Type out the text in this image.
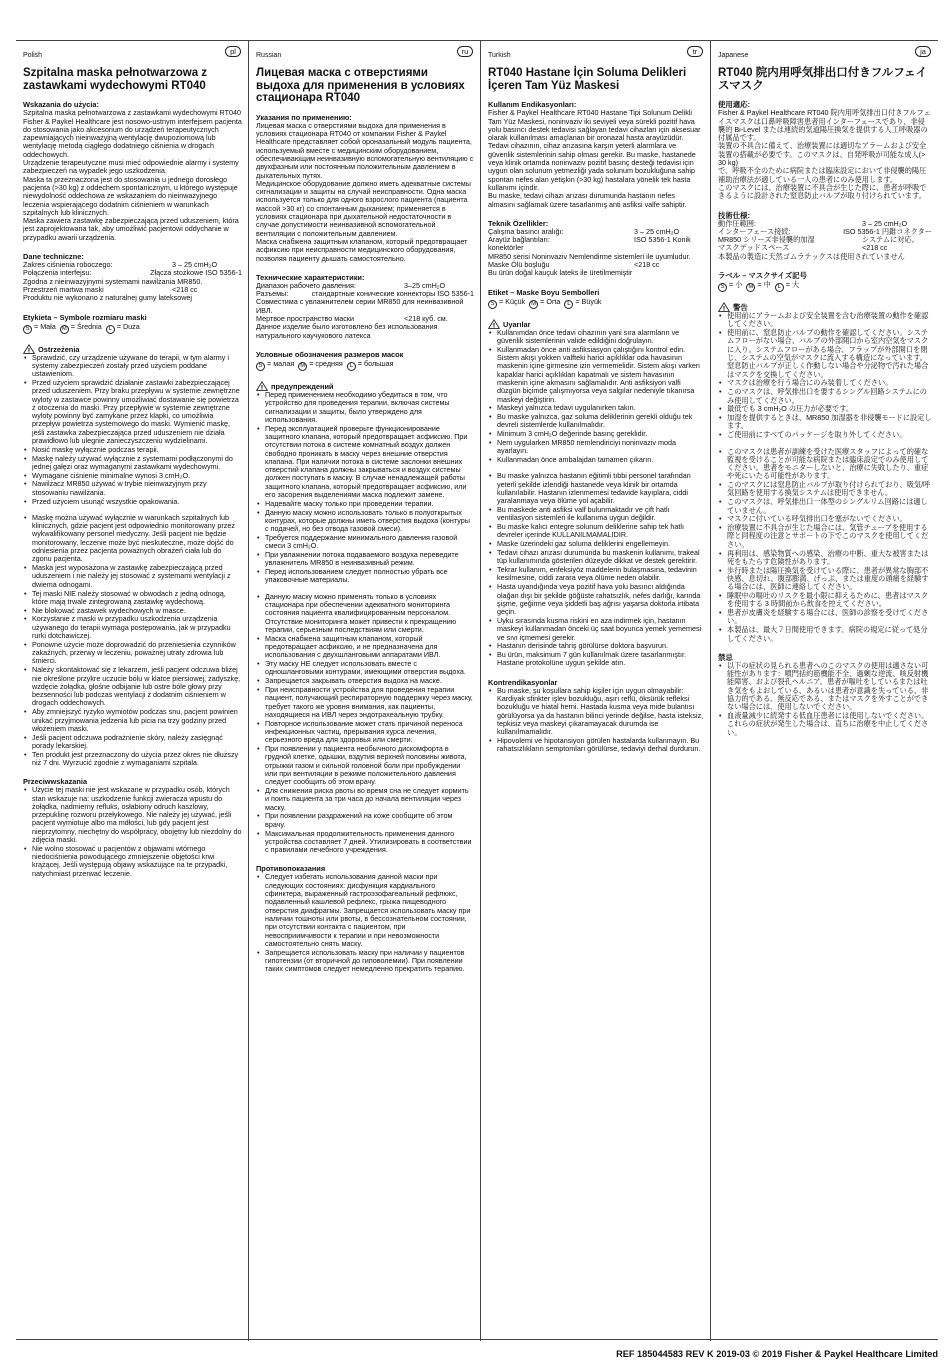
pl
Polish
Szpitalna maska pełnotwarzowa z zastawkami wydechowymi RT040
Wskazania do użycia:

Szpitalna maska pełnotwarzowa z zastawkami wydechowymi RT040 Fisher & Paykel Healthcare jest nosowo-ustnym interfejsem pacjenta do stosowania jako akcesorium do urządzeń terapeutycznych zapewniających nieinwazyjną wentylację dwupoziomową lub wentylację metodą ciągłego dodatniego ciśnienia w drogach oddechowych.
Urządzenie terapeutyczne musi mieć odpowiednie alarmy i systemy zabezpieczeń na wypadek jego uszkodzenia.
Maska ta przeznaczona jest do stosowania u jednego dorosłego pacjenta (>30 kg) z oddechem spontanicznym, u którego występuje niewydolność oddechowa ze wskazaniem do nieinwazyjnego leczenia wspierającego dodatnim ciśnieniem w warunkach szpitalnych lub klinicznych.
Maska zawiera zastawkę zabezpieczającą przed uduszeniem, która jest zaprojektowana tak, aby umożliwić pacjentowi oddychanie w przypadku awarii urządzenia.

Dane techniczne:
Zakres ciśnienia roboczego:	3 – 25 cmH₂O
Połączenia interfejsu:	Złącza stożkowe ISO 5356-1
Zgodna z nieinwazyjnymi systemami nawilżania MR850.
Przestrzeń martwa maski	<218 cc
Produktu nie wykonano z naturalnej gumy lateksowej
Etykieta – Symbole rozmiaru maski
S = Mała M = Średnia L = Duża
! Ostrzeżenia
• Sprawdzić, czy urządzenie używane do terapii, w tym alarmy i systemy zabezpieczeń zostały przed użyciem poddane ustawieniom.
• Przed użyciem sprawdzić działanie zastawki zabezpieczającej przed uduszeniem. Przy braku przepływu w systemie zewnętrzne wyloty w zastawce powinny umożliwiać dostawanie się powietrza z otoczenia do maski. Przy przepływie w systemie zewnętrzne wyloty powinny być zamykane przez klapki, co umożliwia przepływ powietrza systemowego do maski. Wymienić maskę, jeśli zastawka zabezpieczająca przed uduszeniem nie działa prawidłowo lub ulegnie zanieczyszczeniu wydzielinami.
• Nosić maskę wyłącznie podczas terapii.
• Maskę należy używać wyłącznie z systemami podłączonymi do jednej gałęzi oraz wymaganymi zastawkami wydechowymi.
• Wymagane ciśnienie minimalne wynosi 3 cmH₂O.
• Nawilżacz MR850 używać w trybie nieinwazyjnym przy stosowaniu nawilżania.
• Przed użyciem usunąć wszystkie opakowania.
• Maskę można używać wyłącznie w warunkach szpitalnych lub klinicznych, gdzie pacjent jest odpowiednio monitorowany przez wykwalifikowany personel medyczny. Jeśli pacjent nie będzie monitorowany, leczenie może być nieskuteczne, może dojść do odniesienia przez pacjenta poważnych obrażeń ciała lub do zgonu pacjenta.
• Maska jest wyposażona w zastawkę zabezpieczającą przed uduszeniem i nie należy jej stosować z systemami wentylacji z dwiema odnogami.
• Tej maski NIE należy stosować w obwodach z jedną odnogą, które mają trwale zintegrowaną zastawkę wydechową.
• Nie blokować zastawek wydechowych w masce.
• Korzystanie z maski w przypadku uszkodzenia urządzenia używanego do terapii wymaga postępowania, jak w przypadku rurki dotchawiczej.
• Ponowne użycie może doprowadzić do przeniesienia czynników zakaźnych, przerwy w leczeniu, poważnej utraty zdrowia lub śmierci.
• Należy skontaktować się z lekarzem, jeśli pacjent odczuwa bliżej nie określone przykre uczucie bólu w klatce piersiowej, zadyszkę, wzdęcie żołądka, głośne odbijanie lub ostre bóle głowy przy bezsenności lub podczas wentylacji z dodatnim ciśnieniem w drogach oddechowych.
• Aby zmniejszyć ryzyko wymiotów podczas snu, pacjent powinien unikać przyjmowania jedzenia lub picia na trzy godziny przed włożeniem maski.
• Jeśli pacjent odczuwa podrażnienie skóry, należy zasięgnąć porady lekarskiej.
• Ten produkt jest przeznaczony do użycia przez okres nie dłuższy niż 7 dni. Wyrzucić zgodnie z wymaganiami szpitala.
Przeciwwskazania
• Użycie tej maski nie jest wskazane w przypadku osób, których stan wskazuje na: uszkodzenie funkcji zwieracza wpustu do żołądka, nadmierny refluks, osłabiony odruch kaszlowy, przepuklinę rozworu przełykowego. Nie należy jej używać, jeśli pacjent wymiotuje albo ma mdłości, lub gdy pacjent jest nieprzytomny, niechętny do współpracy, obojętny lub niezdolny do zdjęcia maski.
• Nie wolno stosować u pacjentów z objawami wtórnego niedociśnienia powodującego zmniejszenie objętości krwi krążącej. Jeśli występują objawy wskazujące na te przypadki, natychmiast przerwać leczenie.
ru
Russian
Лицевая маска с отверстиями выдоха для применения в условиях стационара RT040
Указания по применению:

Лицевая маска с отверстиями выдоха для применения в условиях стационара RT040 от компании Fisher & Paykel Healthcare представляет собой ороназальный модуль пациента, используемый вместе с медицинским оборудованием, обеспечивающим неинвазивную вспомогательную вентиляцию с двухфазным или постоянным положительным давлением в дыхательных путях.
Медицинское оборудование должно иметь адекватные системы сигнализации и защиты на случай неисправности. Одна маска используется только для одного взрослого пациента (пациента массой >30 кг) со спонтанным дыханием; применяется в условиях стационара при дыхательной недостаточности в случае допустимости неинвазивной вспомогательной вентиляции с положительным давлением.
Маска снабжена защитным клапаном, который предотвращает асфиксию при неисправности медицинского оборудования, позволяя пациенту дышать самостоятельно.

Технические характеристики:
Диапазон рабочего давления:	3–25 cmH₂O
Разъемы:	стандартные конические коннекторы ISO 5356-1
Совместима с увлажнителем серии MR850 для неинвазивной ИВЛ.
Мертвое пространство маски	<218 куб. см.
Данное изделие было изготовлено без использования натурального каучукового латекса
Условные обозначения размеров масок
S = малая M = средняя L = большая
! предупреждений
• Перед применением необходимо убедиться в том, что устройство для проведения терапии, включая системы сигнализации и защиты, было утверждено для использования.
• Перед эксплуатацией проверьте функционирование защитного клапана, который предотвращает асфиксию. При отсутствии потока в системе комнатный воздух должен свободно проникать в маску через внешние отверстия клапана. При наличии потока в системе заслонки внешних отверстий клапана должны закрываться и воздух системы должен поступать в маску. В случае ненадлежащей работы защитного клапана, который предотвращает асфиксию, или его засорения выделениями маска подлежит замене.
• Надевайте маску только при проведении терапии.
• Данную маску можно использовать только в полуоткрытых контурах, которые должны иметь отверстия выдоха (контуры с подачей, но без отвода газовой смеси).
• Требуется поддержание минимального давления газовой смеси 3 cmH₂O.
• При увлажнении потока подаваемого воздуха переведите увлажнитель MR850 в неинвазивный режим.
• Перед использованием следует полностью убрать все упаковочные материалы.
• Данную маску можно применять только в условиях стационара при обеспечении адекватного мониторинга состояния пациента квалифицированным персоналом. Отсутствие мониторинга может привести к прекращению терапии, серьезным последствиям или смерти.
• Маска снабжена защитным клапаном, который предотвращает асфиксию, и не предназначена для использования с двухшланговыми аппаратами ИВЛ.
• Эту маску НЕ следует использовать вместе с одношланговыми контурами, имеющими отверстия выдоха.
• Запрещается закрывать отверстия выдоха на маске.
• При неисправности устройства для проведения терапии пациент, получающий респираторную поддержку через маску, требует такого же уровня внимания, как пациенты, находящиеся на ИВЛ через эндотрахеальную трубку.
• Повторное использование может стать причиной переноса инфекционных частиц, прерывания курса лечения, серьезного вреда для здоровья или смерти.
• При появлении у пациента необычного дискомфорта в грудной клетке, одышки, вздутия верхней половины живота, отрыжки газом и сильной головной боли при пробуждении или при вентиляции в режиме положительного давления следует сообщить об этом врачу.
• Для снижения риска рвоты во время сна не следует кормить и поить пациента за три часа до начала вентиляции через маску.
• При появлении раздражений на коже сообщите об этом врачу.
• Максимальная продолжительность применения данного устройства составляет 7 дней. Утилизировать в соответствии с правилами лечебного учреждения.
Противопоказания
• Следует избегать использования данной маски при следующих состояниях: дисфункция кардиального сфинктера, выраженный гастроэзофагеальный рефлюкс, подавленный кашлевой рефлекс, грыжа пищеводного отверстия диафрагмы. Запрещается использовать маску при наличии тошноты или рвоты, в бессознательном состоянии, при отсутствии контакта с пациентом, при невосприимчивости к терапии и при невозможности самостоятельно снять маску.
• Запрещается использовать маску при наличии у пациентов гипотензии (от вторичной до гиповолемии). При появлении таких симптомов следует немедленно прекратить терапию.
tr
Turkish
RT040 Hastane İçin Soluma Delikleri İçeren Tam Yüz Maskesi
Kullanım Endikasyonları:

Fisher & Paykel Healthcare RT040 Hastane Tipi Solunum Delikli Tam Yüz Maskesi, noninvaziv iki seviyeli veya sürekli pozitif hava yolu basıncı destek tedavisi sağlayan tedavi cihazları için aksesuar olarak kullanılması amaçlanan bir oronazal hasta arayüzüdür.
Tedavi cihazının, cihaz arızasına karşın yeterli alarmlara ve güvenlik sistemlerinin sahip olması gerekir. Bu maske, hastanede veya klinik ortamda noninvaziv pozitif basınç desteği tedavisi için uygun olan solunum yetmezliği yada solunum bozukluğuna sahip spontan nefes alan yetişkin (>30 kg) hastalara yönelik tek hasta kullanımı içindir.
Bu maske, tedavi cihazı arızası durumunda hastanın nefes almasını sağlamak üzere tasarlanmış anti asfiksi valfe sahiptir.

Teknik Özellikler:
Çalışma basıncı aralığı:	3 – 25 cmH₂O
Arayüz bağlantıları:	ISO 5356-1 Konik
konektörler
MR850 serisi Noninvaziv Nemlendirme sistemleri ile uyumludur.
Maske Ölü boşluğu	<218 cc
Bu ürün doğal kauçuk lateks ile üretilmemiştir
Etiket – Maske Boyu Sembolleri
S = Küçük M = Orta L = Büyük
! Uyarılar
• Kullanımdan önce tedavi cihazının yani sıra alarmların ve güvenlik sistemlerinin valide edildiğini doğrulayın.
• Kullanmadan önce anti asfiksiasyon çalıştığını kontrol edin. Sistem akışı yokken valfteki harici açıklıklar oda havasının maskenin içine girmesine izin vermemelidir. Sistem akışı varken kapaklar harici açıklıkları kapatmalı ve sistem havasının maskenin içine akmasını sağlamalıdır. Anti asfiksiyon valfi düzgün biçimde çalışmıyorsa veya salgılar nedeniyle tıkanırsa maskeyi değiştirin.
• Maskeyi yalnızca tedavi uygulanırken takın.
• Bu maske yalnızca, gaz soluma deliklerinin gerekli olduğu tek devreli sistemlerde kullanılmalıdır.
• Minimum 3 cmH₂O değerinde basınç gereklidir.
• Nem uygularken MR850 nemlendiriciyi noninvaziv moda ayarlayın.
• Kullanmadan önce ambalajdan tamamen çıkarın.
• Bu maske yalnızca hastanın eğitimli tıbbi personel tarafından yeterli şekilde izlendiği hastanede veya klinik bir ortamda kullanılabilir. Hastanın izlenmemesi tedavide kayıplara, ciddi yaralanmaya veya ölüme yol açabilir.
• Bu maskede anti asfiksi valf bulunmaktadır ve çift hatlı ventilasyon sistemleri ile kullanıma uygun değildir.
• Bu maske kalıcı entegre solunum deliklerine sahip tek hatlı devreler içerinde KULLANILMAMALIDIR.
• Maske üzerindeki gaz soluma deliklerini engellemeyin.
• Tedavi cihazı arızası durumunda bu maskenin kullanımı, trakeal tüp kullanımında gösterilen düzeyde dikkat ve destek gerektirir.
• Tekrar kullanım, enfeksiyöz maddelerin bulaşmasına, tedavinin kesilmesine, ciddi zarara veya ölüme neden olabilir.
• Hasta uyandığında veya pozitif hava yolu basıncı aldığında olağan dışı bir şekilde göğüste rahatsızlık, nefes darlığı, karında şişme, geğirme veya şiddetli baş ağrısı yaşarsa doktorla irtibata geçin.
• Uyku sırasında kusma riskini en aza indirmek için, hastanın maskeyi kullanmadan önceki üç saat boyunca yemek yememesi ve sıvı içmemesi gerekir.
• Hastanın derisinde tahriş görülürse doktora başvurun.
• Bu ürün, maksimum 7 gün kullanılmak üzere tasarlanmıştır. Hastane protokolüne uygun şekilde atın.
Kontrendikasyonlar
• Bu maske, şu koşullara sahip kişiler için uygun olmayabilir: Kardiyak sfinkter işlev bozukluğu, aşırı reflü, öksürük refleksi bozukluğu ve hiatal herni. Hastada kusma veya mide bulantısı görülüyorsa ya da hastanın bilinci yerinde değilse, hasta isteksiz, tepkisiz veya maskeyi çıkaramayacak durumda ise kullanılmamalıdır.
• Hipovolemi ve hipotansiyon görülen hastalarda kullanmayın. Bu rahatsızlıkların semptomları görülürse, tedaviyi derhal durdurun.
ja
Japanese
RT040 院内用呼気排出口付きフルフェイスマスク
使用適応:

Fisher & Paykel Healthcare RT040 院内用呼気排出口付きフルフェイスマスクは口鼻呼吸障害患者用インターフェースであり、非侵襲的 Bi-Level または連続的気道陽圧換気を提供する人工呼吸器の付属品です。
装置の不具合に備えて、治療装置には適切なアラームおよび安全装置の搭載が必要です。このマスクは、自発呼吸が可能な成人(> 30 kg)
で、呼吸不全のために病院または臨床設定において非侵襲的陽圧補助治療法が適している一人の患者にのみ使用します。
このマスクには、治療装置に不具合が生じた際に、患者が呼吸できるように設計された窒息防止バルブが取り付けられています。

技術仕様:
動作圧範囲:	3 – 25 cmH₂O
インターフェース接続:	ISO 5356-1 円錐コネクター
MR850 シリーズ非侵襲的加湿	システムに対応。
マスクデッドスペース	<218 cc
本製品の製造に天然ゴムラテックスは使用されていません
ラベル – マスクサイズ記号
S = 小 M = 中 L = 大
! 警告
• 使用前にアラームおよび安全装置を含む治療装置の動作を確認してください。
• 使用前に、窒息防止バルブの動作を確認してください。システムフローがない場合、バルブの外部開口から室内空気をマスクに入り。システムフローがある場合、フラップが外部開口を閉じ、システムの空気がマスクに流入する構造になっています。窒息防止バルブが正しく作動しない場合や分泌物で汚れた場合はマスクを交換してください。
• マスクは治療を行う場合にのみ装着してください。
• このマスクは、呼気排出口を要するシングル回路システムにのみ使用してください。
• 最低でも 3 cmH₂O の圧力が必要です。
• 加湿を提供するときは、MR850 加湿器を非侵襲モードに設定します。
• ご使用前にすべてのパッケージを取り外してください。
• このマスクは患者が訓練を受けた医療スタッフによって的確な監視を受けることが可能な病院または臨床設定でのみ使用してください。患者をモニターしないと、治療に失敗したり、重症や死にいたる可能性があります。
• このマスクには窒息防止バルブが取り付けられており、吸気/呼気回路を使用する換気システムは使用できません。
• このマスクは、呼気排出口一体型のシングルリム回路には適していません。
• マスクに付いている呼気排出口を塞がないでください。
• 治療装置に不具合が生じた場合には、気管チューブを使用する際と同程度の注意とサポートの下でこのマスクを使用してください。
• 再利用は、感染物質への感染、治療の中断、重大な被害または死をもたらす危険性があります。
• 歩行時または陽圧換気を受けている際に、患者が異常な胸部不快感、息切れ、腹部膨満、げっぷ、または重度の頭痛を経験する場合には、医師に連絡してください。
• 睡眠中の嘔吐のリスクを最小限に抑えるために、患者はマスクを使用する 3 時間前から飲食を控えてください。
• 患者が皮膚炎を経験する場合には、医師の診察を受けてください。
• 本製品は、最大７日間使用できます。病院の規定に従って処分してください。
禁忌
• 以下の症状の見られる患者へのこのマスクの使用は適さない可能性があります：噴門括約筋機能不全、過剰な逆流、咳反射機能障害、および裂孔ヘルニア。患者が嘔吐をしているまたは吐き気をもよおしている、あるいは患者が意識を失っている、非協力的である、無反応である、またはマスクを外すことができない場合には、使用しないでください。
• 血液量減少に続発する低血圧患者には使用しないでください。これらの症状が発生した場合は、直ちに治療を中止してください。
REF 185044583 REV K 2019-03 © 2019 Fisher & Paykel Healthcare Limited
